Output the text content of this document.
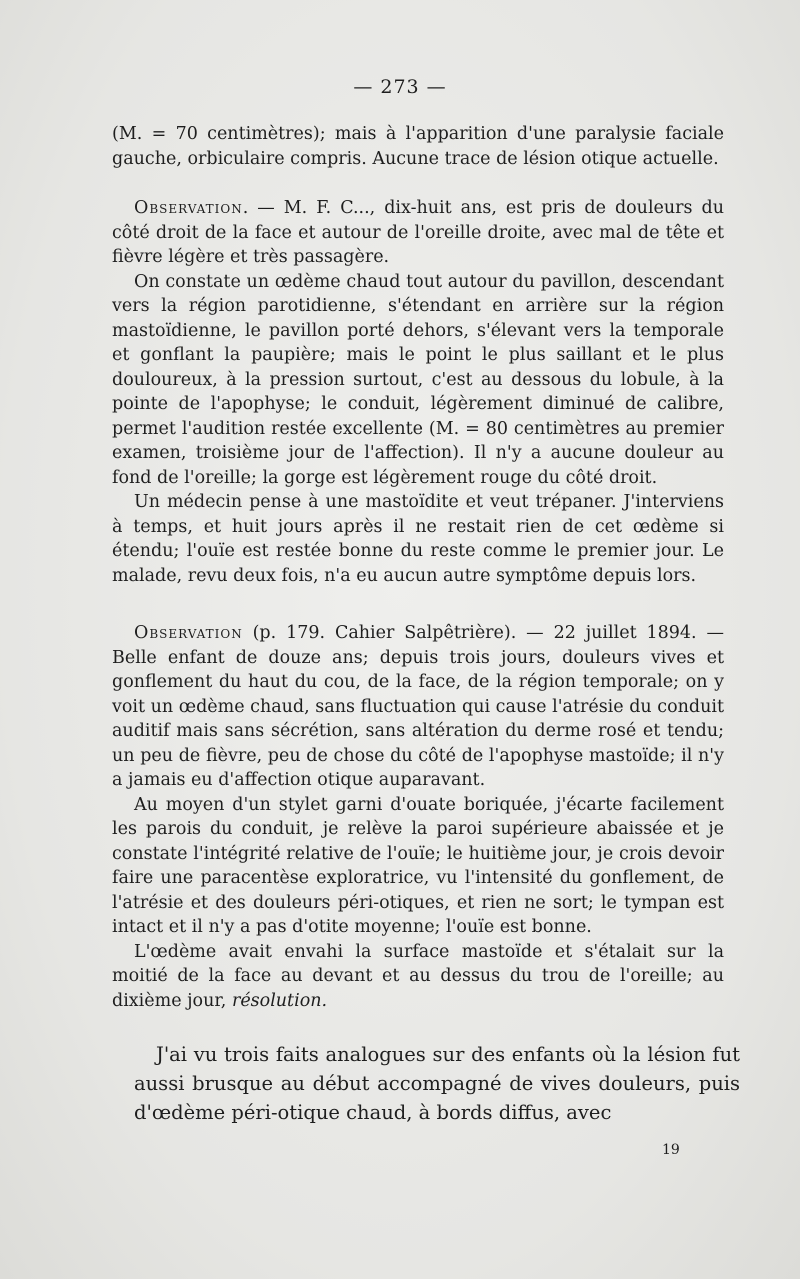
— 273 —

(M. = 70 centimètres); mais à l'apparition d'une paralysie faciale gauche, orbiculaire compris. Aucune trace de lésion otique actuelle.

Observation. — M. F. C..., dix-huit ans, est pris de douleurs du côté droit de la face et autour de l'oreille droite, avec mal de tête et fièvre légère et très passagère.

On constate un œdème chaud tout autour du pavillon, descendant vers la région parotidienne, s'étendant en arrière sur la région mastoïdienne, le pavillon porté dehors, s'élevant vers la temporale et gonflant la paupière; mais le point le plus saillant et le plus douloureux, à la pression surtout, c'est au dessous du lobule, à la pointe de l'apophyse; le conduit, légèrement diminué de calibre, permet l'audition restée excellente (M. = 80 centimètres au premier examen, troisième jour de l'affection). Il n'y a aucune douleur au fond de l'oreille; la gorge est légèrement rouge du côté droit.

Un médecin pense à une mastoïdite et veut trépaner. J'interviens à temps, et huit jours après il ne restait rien de cet œdème si étendu; l'ouïe est restée bonne du reste comme le premier jour. Le malade, revu deux fois, n'a eu aucun autre symptôme depuis lors.

Observation (p. 179. Cahier Salpêtrière). — 22 juillet 1894. — Belle enfant de douze ans; depuis trois jours, douleurs vives et gonflement du haut du cou, de la face, de la région temporale; on y voit un œdème chaud, sans fluctuation qui cause l'atrésie du conduit auditif mais sans sécrétion, sans altération du derme rosé et tendu; un peu de fièvre, peu de chose du côté de l'apophyse mastoïde; il n'y a jamais eu d'affection otique auparavant.

Au moyen d'un stylet garni d'ouate boriquée, j'écarte facilement les parois du conduit, je relève la paroi supérieure abaissée et je constate l'intégrité relative de l'ouïe; le huitième jour, je crois devoir faire une paracentèse exploratrice, vu l'intensité du gonflement, de l'atrésie et des douleurs péri-otiques, et rien ne sort; le tympan est intact et il n'y a pas d'otite moyenne; l'ouïe est bonne.

L'œdème avait envahi la surface mastoïde et s'étalait sur la moitié de la face au devant et au dessus du trou de l'oreille; au dixième jour, résolution.

J'ai vu trois faits analogues sur des enfants où la lésion fut aussi brusque au début accompagné de vives douleurs, puis d'œdème péri-otique chaud, à bords diffus, avec

19
